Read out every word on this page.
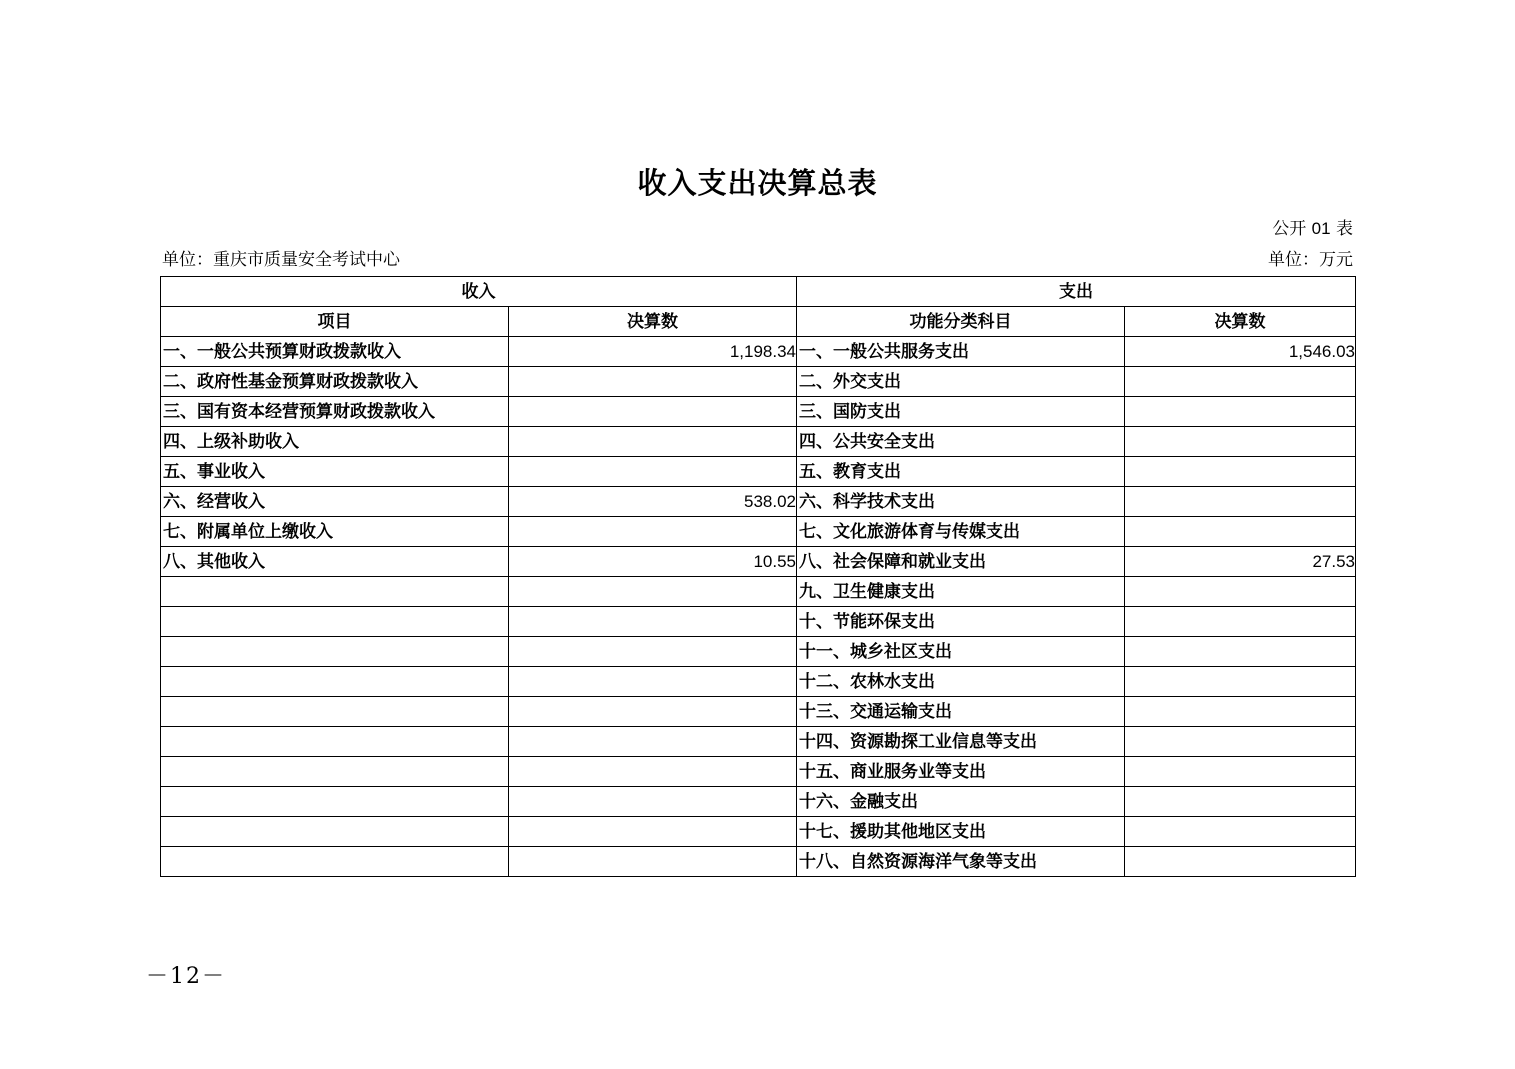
收入支出决算总表
公开 01 表
单位：重庆市质量安全考试中心	单位：万元
收入		支出	
项目	决算数	功能分类科目	决算数
一、一般公共预算财政拨款收入	1,198.34	一、一般公共服务支出	1,546.03
二、政府性基金预算财政拨款收入		二、外交支出	
三、国有资本经营预算财政拨款收入		三、国防支出	
四、上级补助收入		四、公共安全支出	
五、事业收入		五、教育支出	
六、经营收入	538.02	六、科学技术支出	
七、附属单位上缴收入		七、文化旅游体育与传媒支出	
八、其他收入	10.55	八、社会保障和就业支出	27.53
		九、卫生健康支出	
		十、节能环保支出	
		十一、城乡社区支出	
		十二、农林水支出	
		十三、交通运输支出	
		十四、资源勘探工业信息等支出	
		十五、商业服务业等支出	
		十六、金融支出	
		十七、援助其他地区支出	
		十八、自然资源海洋气象等支出	
－12－
